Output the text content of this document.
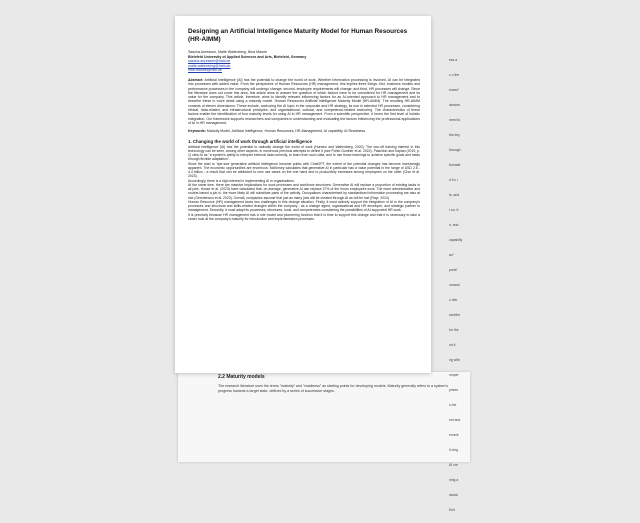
2.2 Maturity models

The research literature uses the terms "maturity" and "readiness" as starting points for developing models. Maturity generally refers to a system's progress towards a target state, defined by a series of successive stages.

ess a
c o the
ences"
dences
need to
the key
through
formatir
d il n i
ts, and
t on. It
n, and
capabilly
an"
ports"
onrand
c ofer
ravelinr
for the
nd it
ng with
ompet
prises
s the
ent and
ement
ll ning
AI cre
ning a
dscial
Eml
Designing an Artificial Intelligence Maturity Model for Human Resources (HR-AIMM)
Sascha Auressen, Malte Wallenberg, Nina Maurle
Bielefeld University of Applied Sciences and Arts, Bielefeld, Germany
sascha.auressen@hsbi.de
malte.wallenberg@hsbi.de
nina.maurle@hsbi.de
Abstract: Artificial Intelligence (AI) has the potential to change the world of work. Whether information processing is involved, AI can be integrated into processes with added value. From the perspective of Human Resources (HR) management, this implies three things: first, business models and performance processes in the company will undergo change; second, employee requirements will change; and third, HR processes will change. Since the literature does not cover this area, this article aims to answer the question of which factors have to be considered for HR management and its value for the company. This article, therefore, aims to identify relevant influencing factors for an AI-oriented approach to HR management and to describe these in more detail using a maturity model. Human Resources Artificial Intelligence Maturity Model (HR-AIMM). The resulting HR-AIMM consists of eleven dimensions. These include, anchoring the AI topic in the corporate and HR strategy, its use in selected HR processes, considering ethical, data-related, and infrastructural principles, and organisational, cultural, and competence-related anchoring. The characteristics of these factors enable the identification of four maturity levels for using AI in HR management. From a scientific perspective, it forms the first level of holistic integration. Our framework supports researchers and companies in understanding and evaluating the factors influencing the professional applications of AI in HR management.
Keywords: Maturity Model, Artificial Intelligence, Human Resources, HR-Management, AI capability, AI Readiness.
1. Changing the world of work through artificial intelligence

Artificial intelligence (AI) has the potential to radically change the world of work (Hunsen and Wallenberg, 2020). The one-off training interest in this technology can be seen, among other aspects, in numerous previous attempts to define it (see Pohle-Gunther et al. 2022). Paschkin and Kaplan (2019, p. 1) view AI as "a system's ability to interpret external data correctly, to learn from such data, and to use those learnings to achieve specific goals and tasks through flexible adaptation".

Since the start to 'ripe-size generative artificial intelligence became public with ChatGPT, the extent of the potential changes has become increasingly apparent. The economic opportunities are enormous: McKinsey calculates that generative AI in particular has a value potential in the range of USD 2.6 - 4.4 trillion - a result that can be attributed to new use cases on the one hand and to productivity increases among employees on the other (Chui et al. 2023).

Accordingly, there is a high interest in implementing AI in organisations.

At the same time, there are massive implications for work processes and workforce structures: Generative AI will replace a proportion of existing tasks in all jobs. Hosse et al. (2023) have calculated that, on average, generative AI can replace 27% of the hours employees work. The more administrative and routine-based a job is, the more likely AI will substitute parts of the activity. Occupations characterised by standardised information processing are also at risk (Gershenson et al. 2023). Overall, companies assume that just as many jobs will be created through AI as will be lost (Rayr, 2024).

Human Resource (HR) management faces two challenges in this change situation. Firstly, it must actively support the integration of AI in the company's processes and structural and skills-related changes within the company - as a change agent, organisational and HR developer, and strategic partner to management. Secondly, it must adapt its processes, structures, tools, and competencies considering the possibilities of AI-supported HR work.

It is precisely because HR management has a role model and pioneering function that it is time to support this change and that it is necessary to take a closer look at the company's maturity for introduction and implementation processes.
